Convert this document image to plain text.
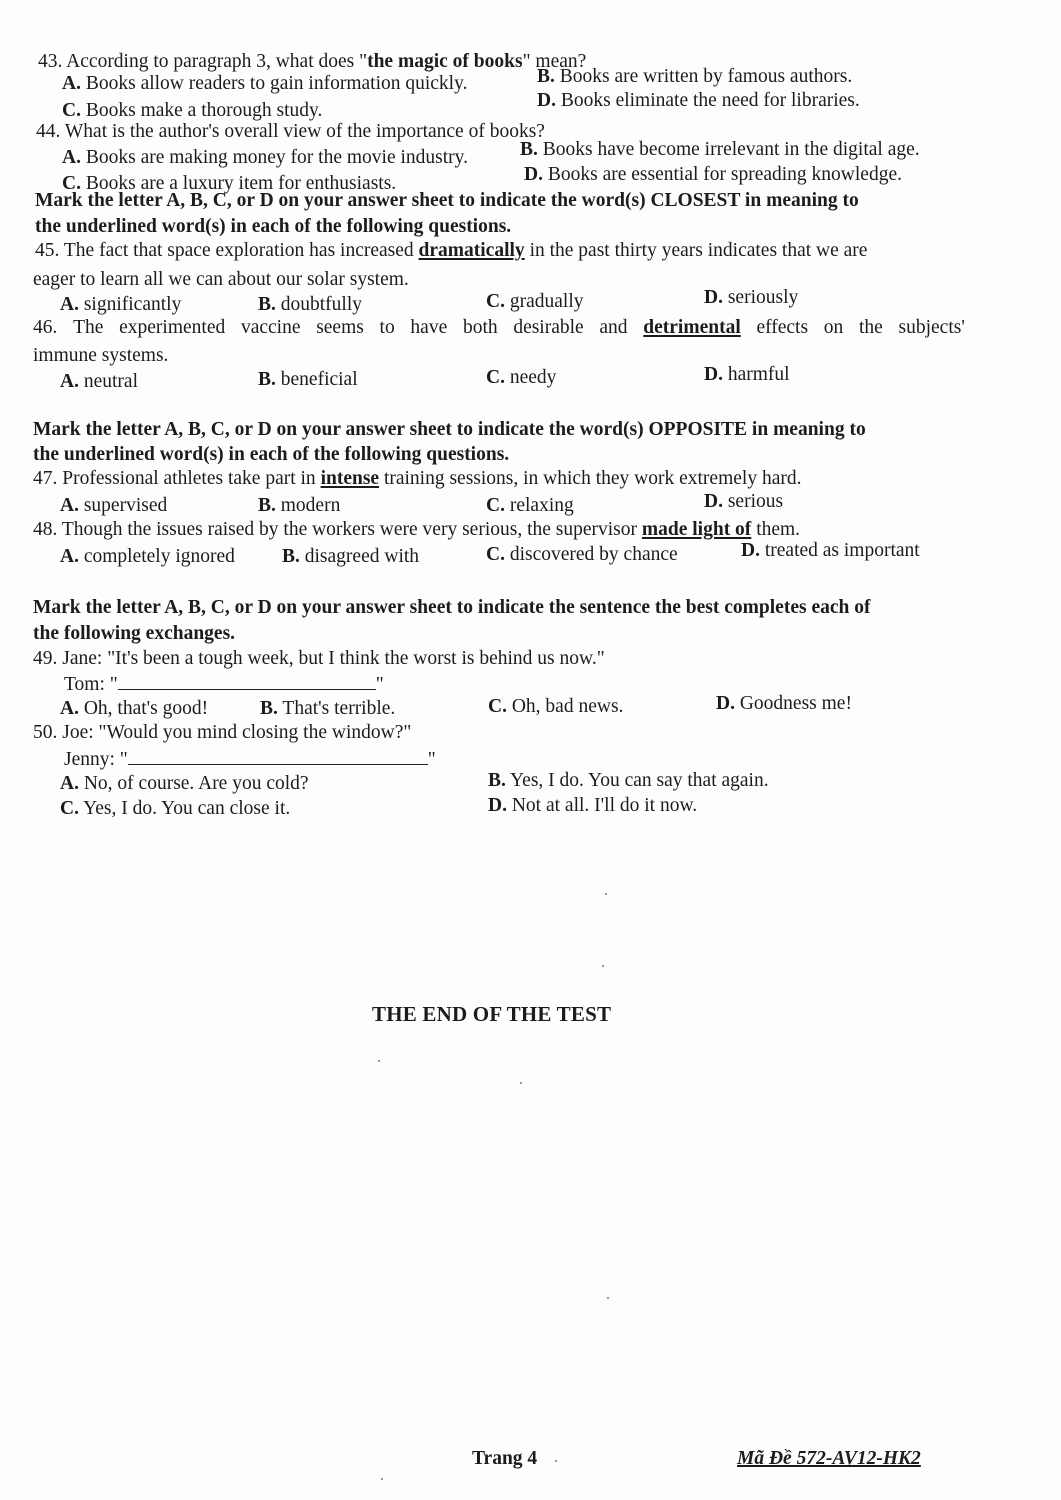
43. According to paragraph 3, what does "the magic of books" mean?
A. Books allow readers to gain information quickly.	B. Books are written by famous authors.
C. Books make a thorough study.	D. Books eliminate the need for libraries.
44. What is the author's overall view of the importance of books?
A. Books are making money for the movie industry.	B. Books have become irrelevant in the digital age.
C. Books are a luxury item for enthusiasts.	D. Books are essential for spreading knowledge.
Mark the letter A, B, C, or D on your answer sheet to indicate the word(s) CLOSEST in meaning to
the underlined word(s) in each of the following questions.
45. The fact that space exploration has increased dramatically in the past thirty years indicates that we are
eager to learn all we can about our solar system.
A. significantly	B. doubtfully	C. gradually	D. seriously
46. The experimented vaccine seems to have both desirable and detrimental effects on the subjects'
immune systems.
A. neutral	B. beneficial	C. needy	D. harmful
Mark the letter A, B, C, or D on your answer sheet to indicate the word(s) OPPOSITE in meaning to
the underlined word(s) in each of the following questions.
47. Professional athletes take part in intense training sessions, in which they work extremely hard.
A. supervised	B. modern	C. relaxing	D. serious
48. Though the issues raised by the workers were very serious, the supervisor made light of them.
A. completely ignored B. disagreed with	C. discovered by chance	D. treated as important
Mark the letter A, B, C, or D on your answer sheet to indicate the sentence the best completes each of
the following exchanges.
49. Jane: "It's been a tough week, but I think the worst is behind us now."
Tom: "	"
A. Oh, that's good!	B. That's terrible.	C. Oh, bad news.	D. Goodness me!
50. Joe: "Would you mind closing the window?"
Jenny: "	"
A. No, of course. Are you cold?	B. Yes, I do. You can say that again.
C. Yes, I do. You can close it.	D. Not at all. I'll do it now.
THE END OF THE TEST
Trang 4	Mã Đề 572-AV12-HK2
